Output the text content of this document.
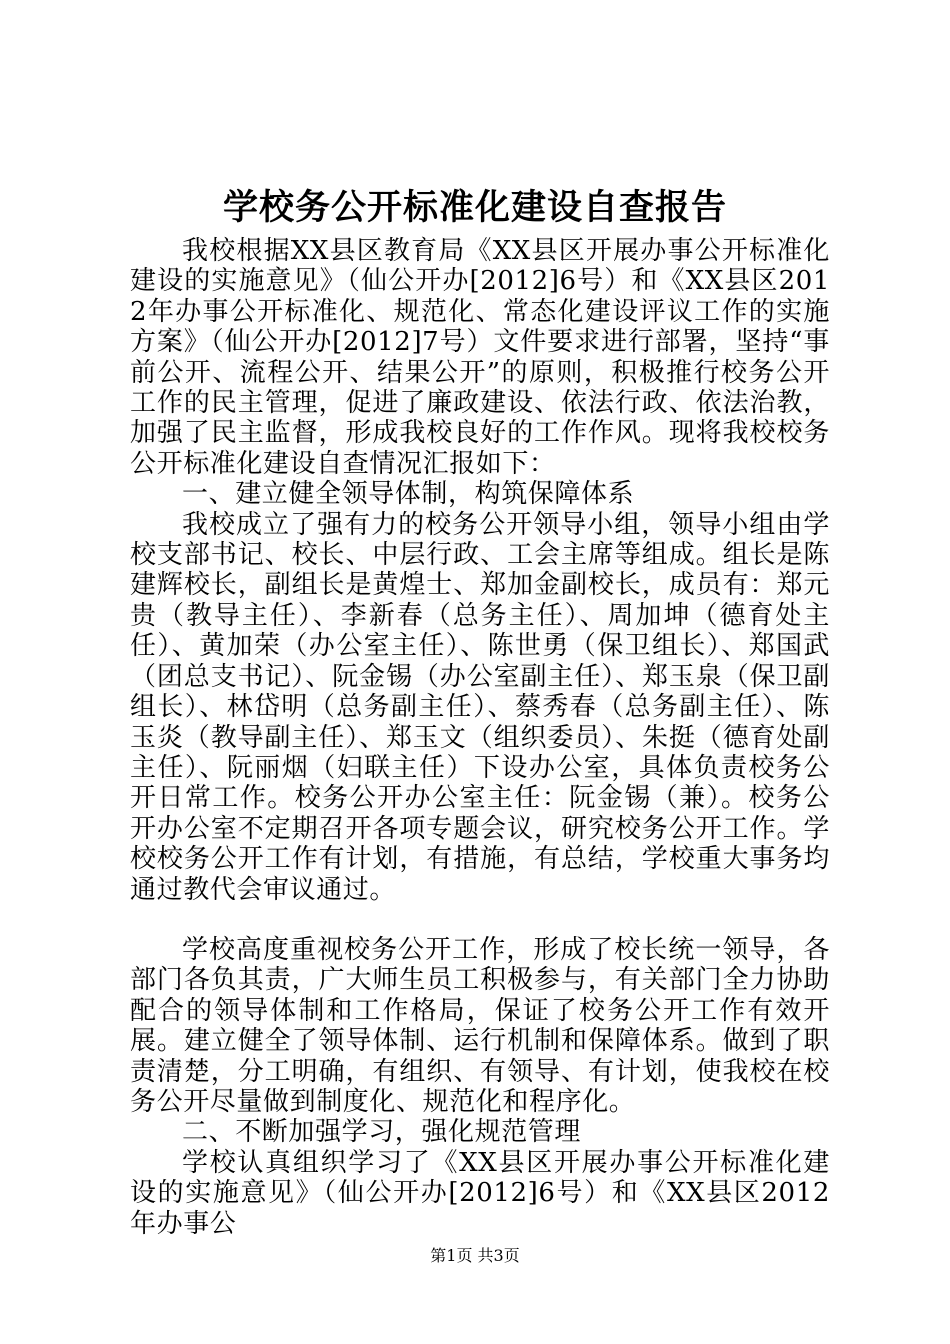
学校务公开标准化建设自查报告

我校根据XX县区教育局《XX县区开展办事公开标准化建设的实施意见》（仙公开办[2012]6号）和《XX县区2012年办事公开标准化、规范化、常态化建设评议工作的实施方案》（仙公开办[2012]7号）文件要求进行部署，坚持“事前公开、流程公开、结果公开”的原则，积极推行校务公开工作的民主管理，促进了廉政建设、依法行政、依法治教，加强了民主监督，形成我校良好的工作作风。现将我校校务公开标准化建设自查情况汇报如下：

一、建立健全领导体制，构筑保障体系

我校成立了强有力的校务公开领导小组，领导小组由学校支部书记、校长、中层行政、工会主席等组成。组长是陈建辉校长，副组长是黄煌士、郑加金副校长，成员有：郑元贵（教导主任）、李新春（总务主任）、周加坤（德育处主任）、黄加荣（办公室主任）、陈世勇（保卫组长）、郑国武（团总支书记）、阮金锡（办公室副主任）、郑玉泉（保卫副组长）、林岱明（总务副主任）、蔡秀春（总务副主任）、陈玉炎（教导副主任）、郑玉文（组织委员）、朱挺（德育处副主任）、阮丽烟（妇联主任）下设办公室，具体负责校务公开日常工作。校务公开办公室主任：阮金锡（兼）。校务公开办公室不定期召开各项专题会议，研究校务公开工作。学校校务公开工作有计划，有措施，有总结，学校重大事务均通过教代会审议通过。

学校高度重视校务公开工作，形成了校长统一领导，各部门各负其责，广大师生员工积极参与，有关部门全力协助配合的领导体制和工作格局，保证了校务公开工作有效开展。建立健全了领导体制、运行机制和保障体系。做到了职责清楚，分工明确，有组织、有领导、有计划，使我校在校务公开尽量做到制度化、规范化和程序化。

二、不断加强学习，强化规范管理

学校认真组织学习了《XX县区开展办事公开标准化建设的实施意见》（仙公开办[2012]6号）和《XX县区2012年办事公

第1页 共3页
